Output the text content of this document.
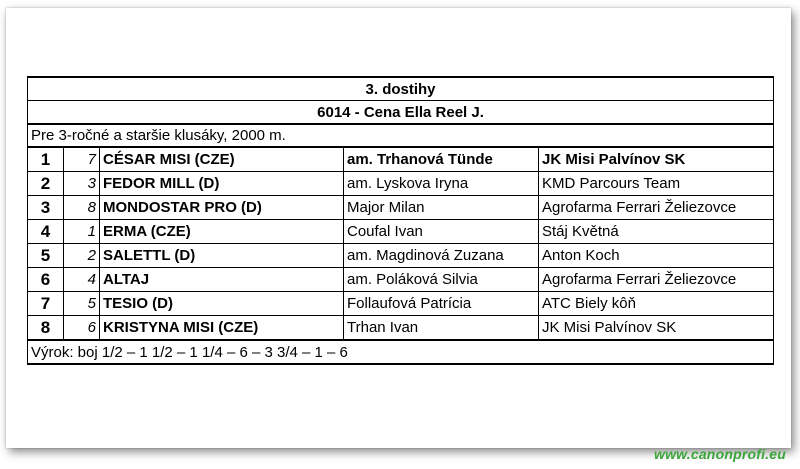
3. dostihy				
6014 - Cena Ella Reel J.				
Pre 3-ročné a staršie klusáky, 2000 m.				
1	7	CÉSAR MISI (CZE)	am. Trhanová Tünde	JK Misi Palvínov SK
2	3	FEDOR MILL (D)	am. Lyskova Iryna	KMD Parcours Team
3	8	MONDOSTAR PRO (D)	Major Milan	Agrofarma Ferrari Želiezovce
4	1	ERMA (CZE)	Coufal Ivan	Stáj Květná
5	2	SALETTL (D)	am. Magdinová Zuzana	Anton Koch
6	4	ALTAJ	am. Poláková Silvia	Agrofarma Ferrari Želiezovce
7	5	TESIO (D)	Follaufová Patrícia	ATC Biely kôň
8	6	KRISTYNA MISI (CZE)	Trhan Ivan	JK Misi Palvínov SK
Výrok: boj 1/2 – 1 1/2 – 1 1/4 – 6 – 3 3/4 – 1 – 6				
www.canonprofi.eu
